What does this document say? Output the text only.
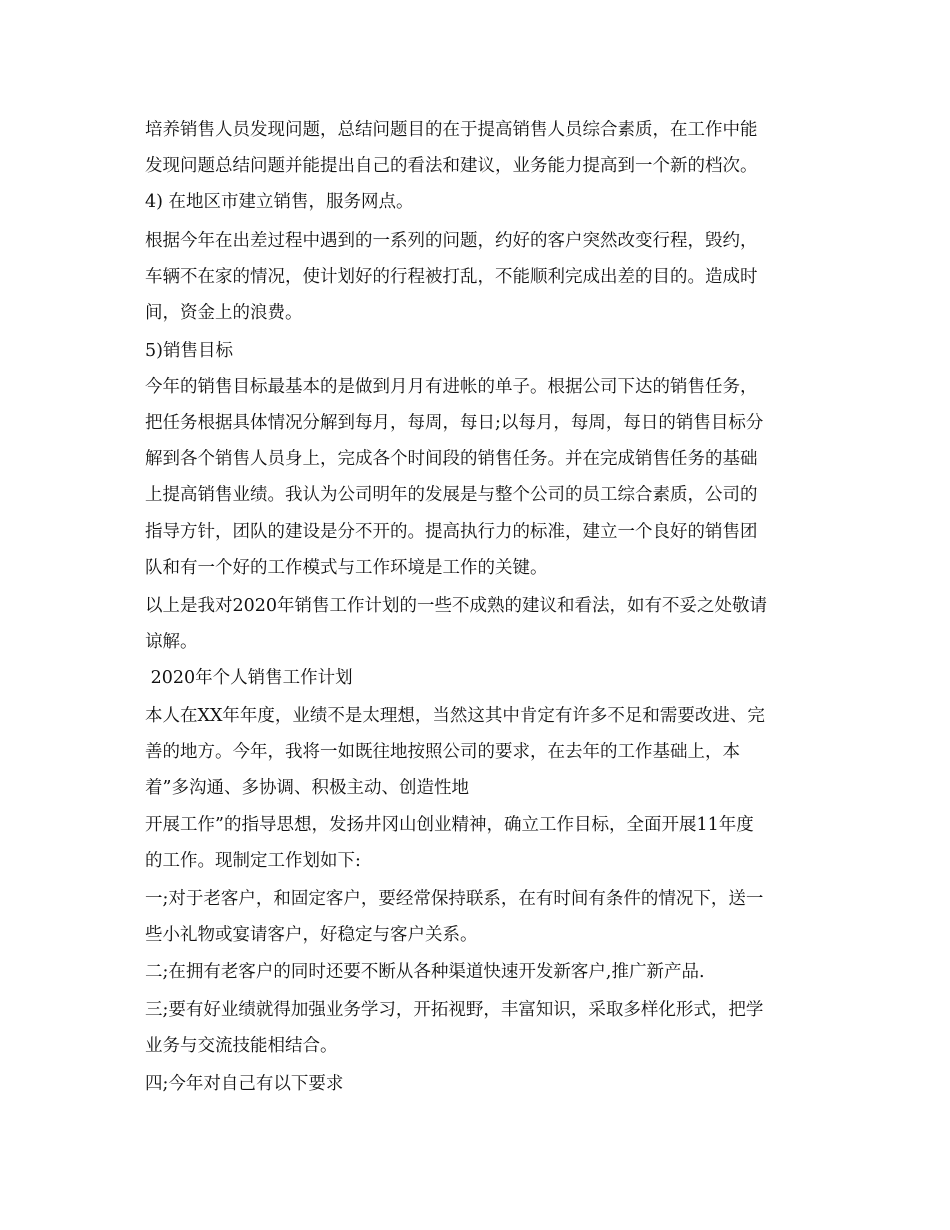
培养销售人员发现问题，总结问题目的在于提高销售人员综合素质，在工作中能
发现问题总结问题并能提出自己的看法和建议，业务能力提高到一个新的档次。
4) 在地区市建立销售，服务网点。
根据今年在出差过程中遇到的一系列的问题，约好的客户突然改变行程，毁约，
车辆不在家的情况，使计划好的行程被打乱，不能顺利完成出差的目的。造成时
间，资金上的浪费。
5)销售目标
今年的销售目标最基本的是做到月月有进帐的单子。根据公司下达的销售任务，
把任务根据具体情况分解到每月，每周，每日;以每月，每周，每日的销售目标分
解到各个销售人员身上，完成各个时间段的销售任务。并在完成销售任务的基础
上提高销售业绩。我认为公司明年的发展是与整个公司的员工综合素质，公司的
指导方针，团队的建设是分不开的。提高执行力的标准，建立一个良好的销售团
队和有一个好的工作模式与工作环境是工作的关键。
以上是我对2020年销售工作计划的一些不成熟的建议和看法，如有不妥之处敬请
谅解。
2020年个人销售工作计划
本人在XX年年度，业绩不是太理想，当然这其中肯定有许多不足和需要改进、完
善的地方。今年，我将一如既往地按照公司的要求，在去年的工作基础上，本
着”多沟通、多协调、积极主动、创造性地
开展工作”的指导思想，发扬井冈山创业精神，确立工作目标，全面开展11年度
的工作。现制定工作划如下:
一;对于老客户，和固定客户，要经常保持联系，在有时间有条件的情况下，送一
些小礼物或宴请客户，好稳定与客户关系。
二;在拥有老客户的同时还要不断从各种渠道快速开发新客户,推广新产品.
三;要有好业绩就得加强业务学习，开拓视野，丰富知识，采取多样化形式，把学
业务与交流技能相结合。
四;今年对自己有以下要求
